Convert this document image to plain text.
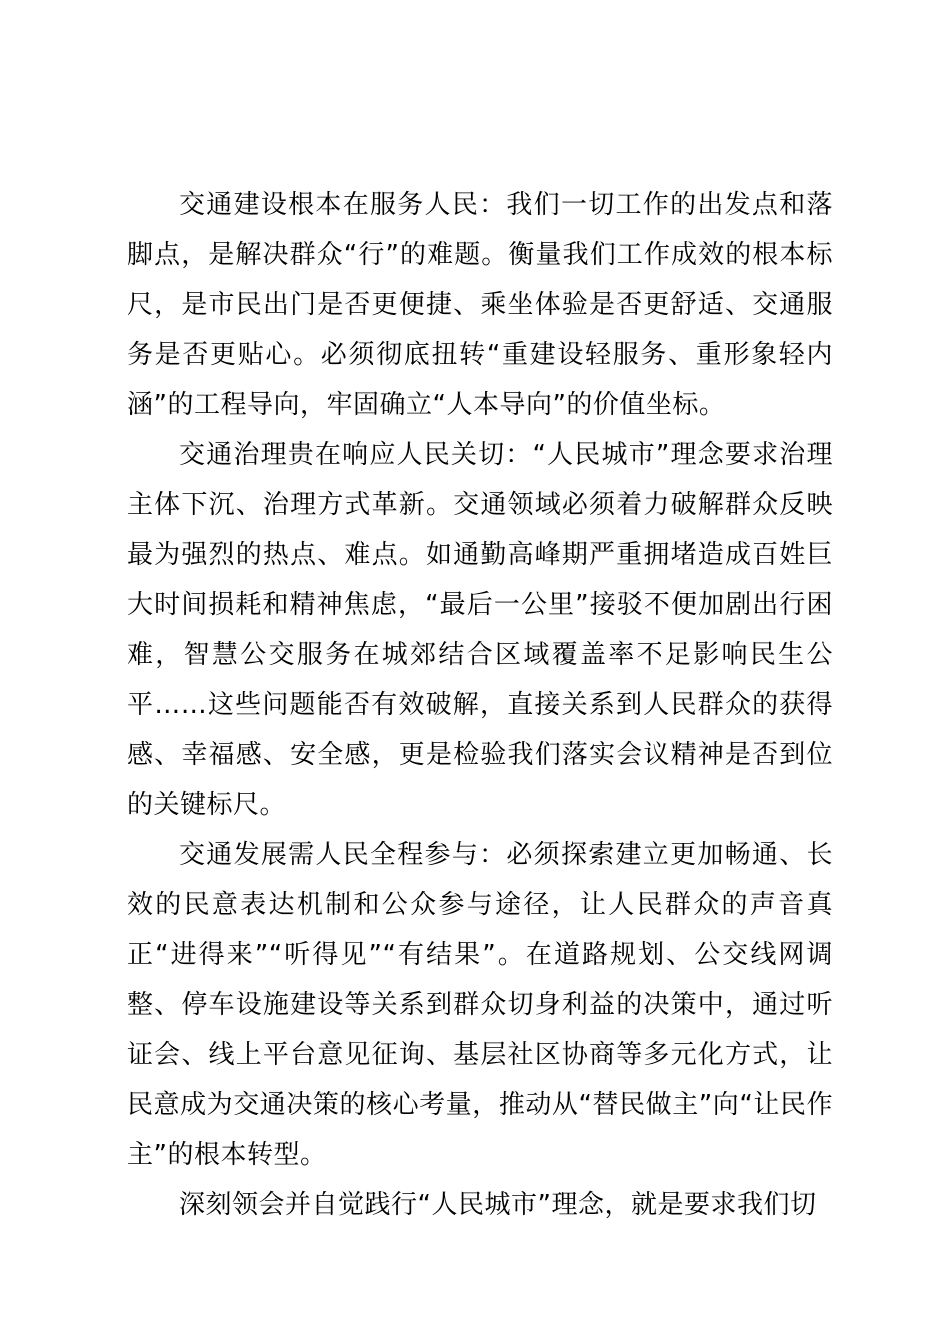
交通建设根本在服务人民：我们一切工作的出发点和落脚点，是解决群众“行”的难题。衡量我们工作成效的根本标尺，是市民出门是否更便捷、乘坐体验是否更舒适、交通服务是否更贴心。必须彻底扭转“重建设轻服务、重形象轻内涵”的工程导向，牢固确立“人本导向”的价值坐标。

交通治理贵在响应人民关切：“人民城市”理念要求治理主体下沉、治理方式革新。交通领域必须着力破解群众反映最为强烈的热点、难点。如通勤高峰期严重拥堵造成百姓巨大时间损耗和精神焦虑，“最后一公里”接驳不便加剧出行困难，智慧公交服务在城郊结合区域覆盖率不足影响民生公平……这些问题能否有效破解，直接关系到人民群众的获得感、幸福感、安全感，更是检验我们落实会议精神是否到位的关键标尺。

交通发展需人民全程参与：必须探索建立更加畅通、长效的民意表达机制和公众参与途径，让人民群众的声音真正“进得来”“听得见”“有结果”。在道路规划、公交线网调整、停车设施建设等关系到群众切身利益的决策中，通过听证会、线上平台意见征询、基层社区协商等多元化方式，让民意成为交通决策的核心考量，推动从“替民做主”向“让民作主”的根本转型。

深刻领会并自觉践行“人民城市”理念，就是要求我们切
